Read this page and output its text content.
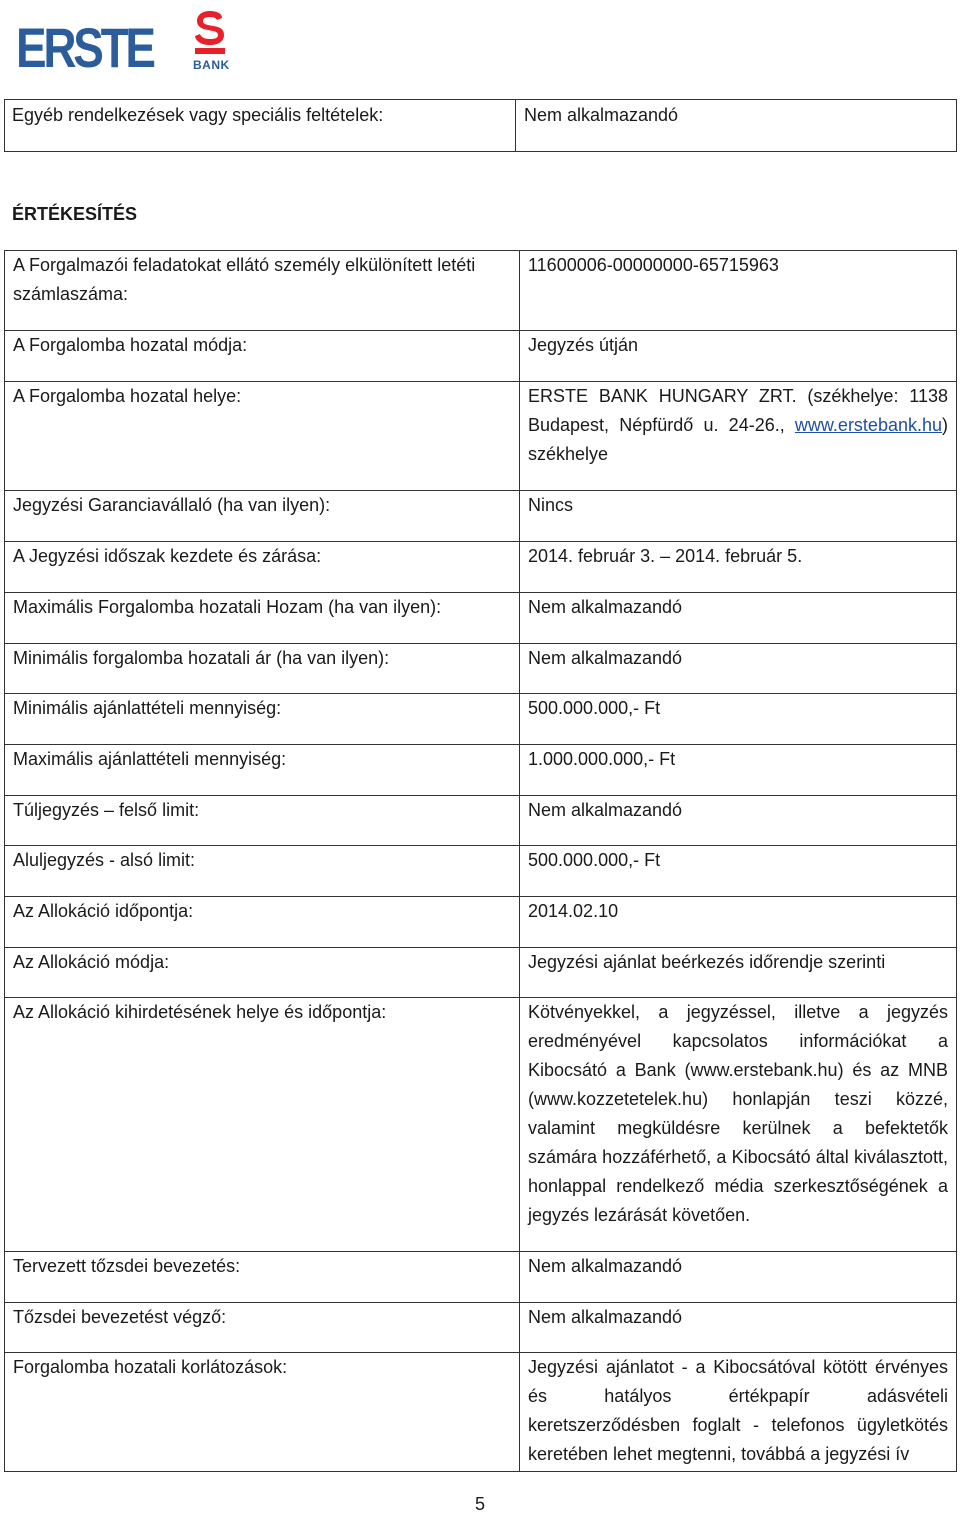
ERSTE	BANK
Egyéb rendelkezések vagy speciális feltételek:	Nem alkalmazandó
ÉRTÉKESÍTÉS
A Forgalmazói feladatokat ellátó személy elkülönített letéti számlaszáma:	11600006-00000000-65715963
A Forgalomba hozatal módja:	Jegyzés útján
A Forgalomba hozatal helye:	ERSTE BANK HUNGARY ZRT. (székhelye: 1138 Budapest, Népfürdő u. 24-26., www.erstebank.hu) székhelye
Jegyzési Garanciavállaló (ha van ilyen):	Nincs
A Jegyzési időszak kezdete és zárása:	2014. február 3. – 2014. február 5.
Maximális Forgalomba hozatali Hozam (ha van ilyen):	Nem alkalmazandó
Minimális forgalomba hozatali ár (ha van ilyen):	Nem alkalmazandó
Minimális ajánlattételi mennyiség:	500.000.000,- Ft
Maximális ajánlattételi mennyiség:	1.000.000.000,- Ft
Túljegyzés – felső limit:	Nem alkalmazandó
Aluljegyzés - alsó limit:	500.000.000,- Ft
Az Allokáció időpontja:	2014.02.10
Az Allokáció módja:	Jegyzési ajánlat beérkezés időrendje szerinti
Az Allokáció kihirdetésének helye és időpontja:	Kötvényekkel, a jegyzéssel, illetve a jegyzés eredményével kapcsolatos információkat a Kibocsátó a Bank (www.erstebank.hu) és az MNB (www.kozzetetelek.hu) honlapján teszi közzé, valamint megküldésre kerülnek a befektetők számára hozzáférhető, a Kibocsátó által kiválasztott, honlappal rendelkező média szerkesztőségének a jegyzés lezárását követően.
Tervezett tőzsdei bevezetés:	Nem alkalmazandó
Tőzsdei bevezetést végző:	Nem alkalmazandó
Forgalomba hozatali korlátozások:	Jegyzési ajánlatot - a Kibocsátóval kötött érvényes és hatályos értékpapír adásvételi keretszerződésben foglalt - telefonos ügyletkötés keretében lehet megtenni, továbbá a jegyzési ív
5
